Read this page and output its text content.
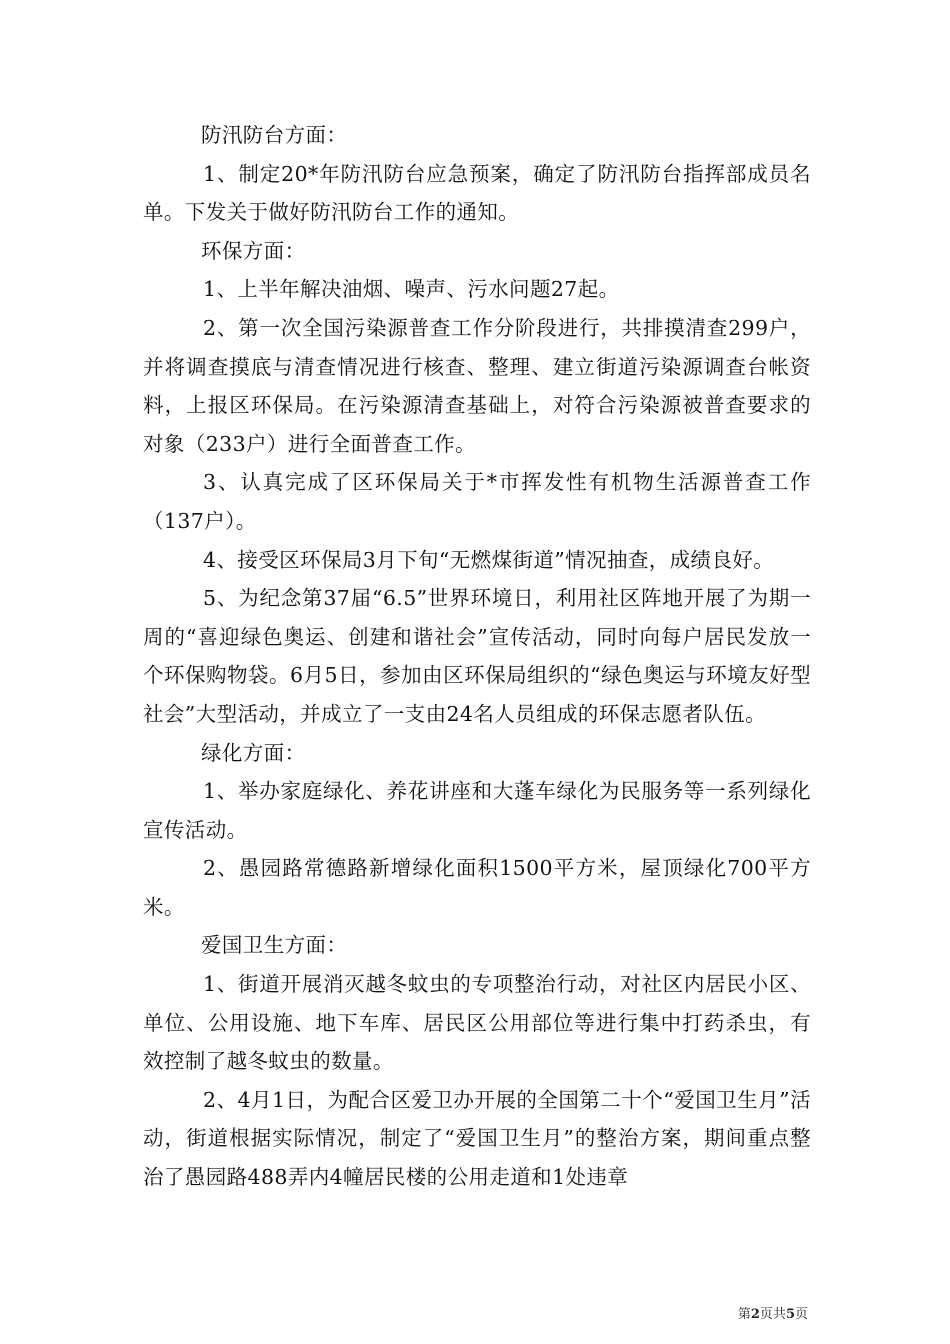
防汛防台方面：

1、制定20*年防汛防台应急预案，确定了防汛防台指挥部成员名单。下发关于做好防汛防台工作的通知。

环保方面：

1、上半年解决油烟、噪声、污水问题27起。

2、第一次全国污染源普查工作分阶段进行，共排摸清查299户，并将调查摸底与清查情况进行核查、整理、建立街道污染源调查台帐资料，上报区环保局。在污染源清查基础上，对符合污染源被普查要求的对象（233户）进行全面普查工作。

3、认真完成了区环保局关于*市挥发性有机物生活源普查工作（137户）。

4、接受区环保局3月下旬“无燃煤街道”情况抽查，成绩良好。

5、为纪念第37届“6.5”世界环境日，利用社区阵地开展了为期一周的“喜迎绿色奥运、创建和谐社会”宣传活动，同时向每户居民发放一个环保购物袋。6月5日，参加由区环保局组织的“绿色奥运与环境友好型社会”大型活动，并成立了一支由24名人员组成的环保志愿者队伍。

绿化方面：

1、举办家庭绿化、养花讲座和大蓬车绿化为民服务等一系列绿化宣传活动。

2、愚园路常德路新增绿化面积1500平方米，屋顶绿化700平方米。

爱国卫生方面：

1、街道开展消灭越冬蚊虫的专项整治行动，对社区内居民小区、单位、公用设施、地下车库、居民区公用部位等进行集中打药杀虫，有效控制了越冬蚊虫的数量。

2、4月1日，为配合区爱卫办开展的全国第二十个“爱国卫生月”活动，街道根据实际情况，制定了“爱国卫生月”的整治方案，期间重点整治了愚园路488弄内4幢居民楼的公用走道和1处违章

第2页共5页
